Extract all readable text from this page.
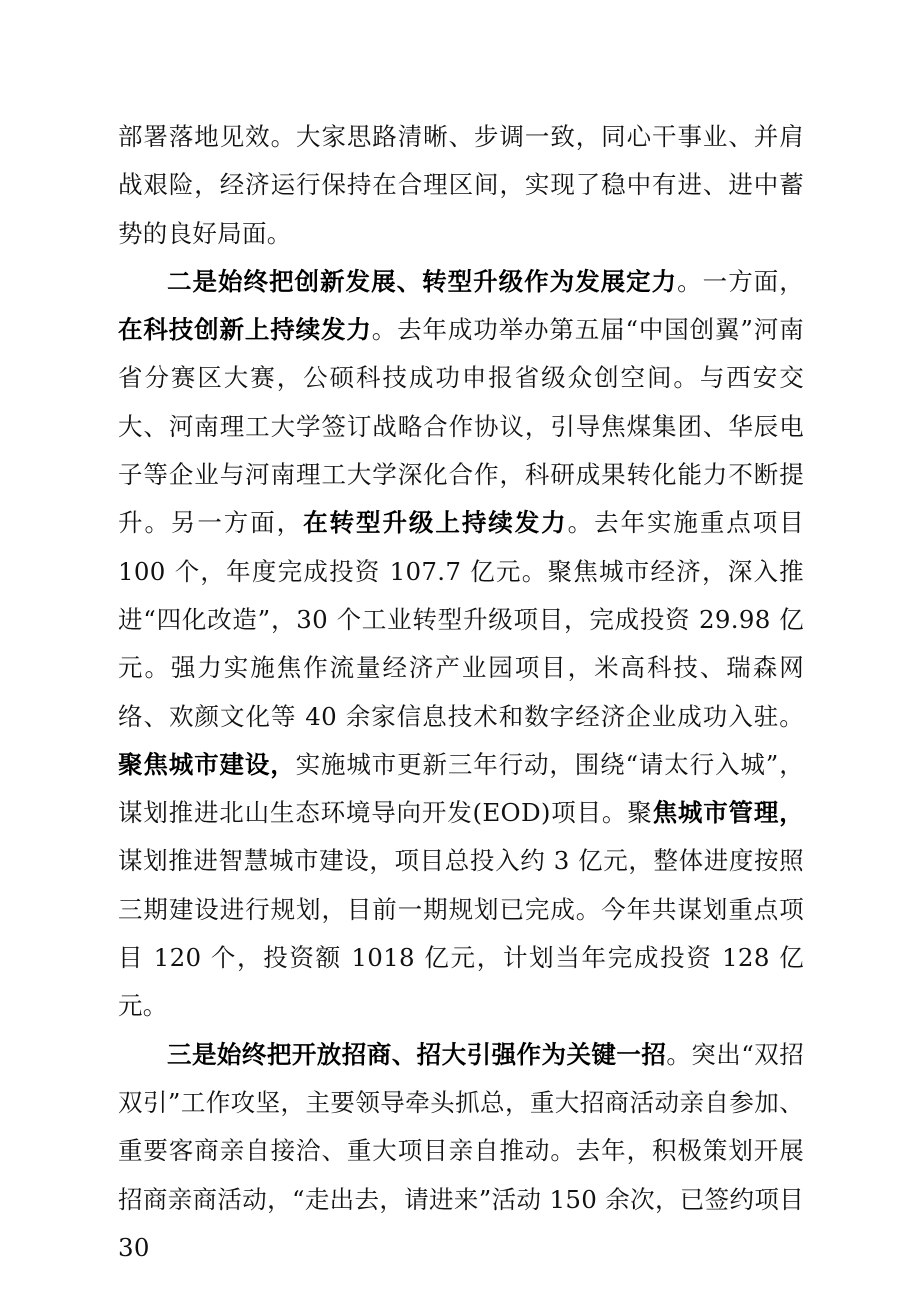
部署落地见效。大家思路清晰、步调一致，同心干事业、并肩战艰险，经济运行保持在合理区间，实现了稳中有进、进中蓄势的良好局面。

二是始终把创新发展、转型升级作为发展定力。一方面，在科技创新上持续发力。去年成功举办第五届“中国创翼”河南省分赛区大赛，公硕科技成功申报省级众创空间。与西安交大、河南理工大学签订战略合作协议，引导焦煤集团、华辰电子等企业与河南理工大学深化合作，科研成果转化能力不断提升。另一方面，在转型升级上持续发力。去年实施重点项目 100 个，年度完成投资 107.7 亿元。聚焦城市经济，深入推进“四化改造”，30 个工业转型升级项目，完成投资 29.98 亿元。强力实施焦作流量经济产业园项目，米高科技、瑞森网络、欢颜文化等 40 余家信息技术和数字经济企业成功入驻。聚焦城市建设，实施城市更新三年行动，围绕“请太行入城”，谋划推进北山生态环境导向开发(EOD)项目。聚焦城市管理，谋划推进智慧城市建设，项目总投入约 3 亿元，整体进度按照三期建设进行规划，目前一期规划已完成。今年共谋划重点项目 120 个，投资额 1018 亿元，计划当年完成投资 128 亿元。

三是始终把开放招商、招大引强作为关键一招。突出“双招双引”工作攻坚，主要领导牵头抓总，重大招商活动亲自参加、重要客商亲自接洽、重大项目亲自推动。去年，积极策划开展招商亲商活动，“走出去，请进来”活动 150 余次，已签约项目 30
